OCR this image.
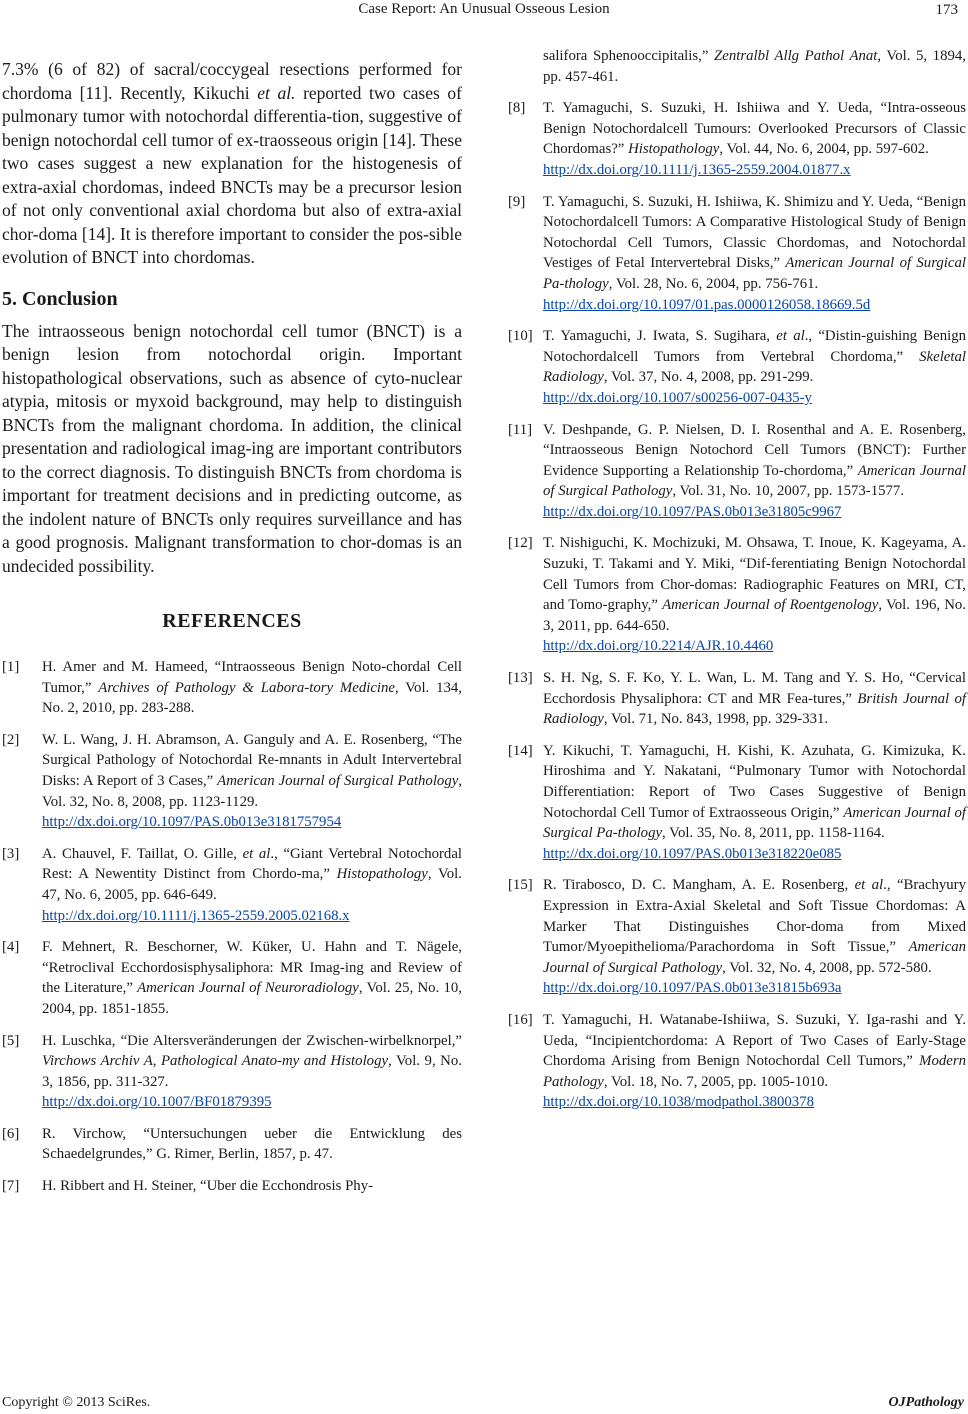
Case Report: An Unusual Osseous Lesion	173

7.3% (6 of 82) of sacral/coccygeal resections performed for chordoma [11]. Recently, Kikuchi et al. reported two cases of pulmonary tumor with notochordal differentia-tion, suggestive of benign notochordal cell tumor of ex-traosseous origin [14]. These two cases suggest a new explanation for the histogenesis of extra-axial chordomas, indeed BNCTs may be a precursor lesion of not only conventional axial chordoma but also of extra-axial chor-doma [14]. It is therefore important to consider the pos-sible evolution of BNCT into chordomas.

5. Conclusion

The intraosseous benign notochordal cell tumor (BNCT) is a benign lesion from notochordal origin. Important histopathological observations, such as absence of cyto-nuclear atypia, mitosis or myxoid background, may help to distinguish BNCTs from the malignant chordoma. In addition, the clinical presentation and radiological imag-ing are important contributors to the correct diagnosis. To distinguish BNCTs from chordoma is important for treatment decisions and in predicting outcome, as the indolent nature of BNCTs only requires surveillance and has a good prognosis. Malignant transformation to chor-domas is an undecided possibility.

REFERENCES
[1] H. Amer and M. Hameed, “Intraosseous Benign Noto-chordal Cell Tumor,” Archives of Pathology & Labora-tory Medicine, Vol. 134, No. 2, 2010, pp. 283-288.
[2] W. L. Wang, J. H. Abramson, A. Ganguly and A. E. Rosenberg, “The Surgical Pathology of Notochordal Re-mnants in Adult Intervertebral Disks: A Report of 3 Cases,” American Journal of Surgical Pathology, Vol. 32, No. 8, 2008, pp. 1123-1129.
http://dx.doi.org/10.1097/PAS.0b013e3181757954
[3] A. Chauvel, F. Taillat, O. Gille, et al., “Giant Vertebral Notochordal Rest: A Newentity Distinct from Chordo-ma,” Histopathology, Vol. 47, No. 6, 2005, pp. 646-649.
http://dx.doi.org/10.1111/j.1365-2559.2005.02168.x
[4] F. Mehnert, R. Beschorner, W. Küker, U. Hahn and T. Nägele, “Retroclival Ecchordosisphysaliphora: MR Imag-ing and Review of the Literature,” American Journal of Neuroradiology, Vol. 25, No. 10, 2004, pp. 1851-1855.
[5] H. Luschka, “Die Altersveränderungen der Zwischen-wirbelknorpel,” Virchows Archiv A, Pathological Anato-my and Histology, Vol. 9, No. 3, 1856, pp. 311-327.
http://dx.doi.org/10.1007/BF01879395
[6] R. Virchow, “Untersuchungen ueber die Entwicklung des Schaedelgrundes,” G. Rimer, Berlin, 1857, p. 47.
[7] H. Ribbert and H. Steiner, “Uber die Ecchondrosis Phy-
salifora Sphenooccipitalis,” Zentralbl Allg Pathol Anat, Vol. 5, 1894, pp. 457-461.
[8] T. Yamaguchi, S. Suzuki, H. Ishiiwa and Y. Ueda, “Intra-osseous Benign Notochordalcell Tumours: Overlooked Precursors of Classic Chordomas?” Histopathology, Vol. 44, No. 6, 2004, pp. 597-602.
http://dx.doi.org/10.1111/j.1365-2559.2004.01877.x
[9] T. Yamaguchi, S. Suzuki, H. Ishiiwa, K. Shimizu and Y. Ueda, “Benign Notochordalcell Tumors: A Comparative Histological Study of Benign Notochordal Cell Tumors, Classic Chordomas, and Notochordal Vestiges of Fetal Intervertebral Disks,” American Journal of Surgical Pa-thology, Vol. 28, No. 6, 2004, pp. 756-761.
http://dx.doi.org/10.1097/01.pas.0000126058.18669.5d
[10] T. Yamaguchi, J. Iwata, S. Sugihara, et al., “Distin-guishing Benign Notochordalcell Tumors from Vertebral Chordoma,” Skeletal Radiology, Vol. 37, No. 4, 2008, pp. 291-299.
http://dx.doi.org/10.1007/s00256-007-0435-y
[11] V. Deshpande, G. P. Nielsen, D. I. Rosenthal and A. E. Rosenberg, “Intraosseous Benign Notochord Cell Tumors (BNCT): Further Evidence Supporting a Relationship To-chordoma,” American Journal of Surgical Pathology, Vol. 31, No. 10, 2007, pp. 1573-1577.
http://dx.doi.org/10.1097/PAS.0b013e31805c9967
[12] T. Nishiguchi, K. Mochizuki, M. Ohsawa, T. Inoue, K. Kageyama, A. Suzuki, T. Takami and Y. Miki, “Dif-ferentiating Benign Notochordal Cell Tumors from Chor-domas: Radiographic Features on MRI, CT, and Tomo-graphy,” American Journal of Roentgenology, Vol. 196, No. 3, 2011, pp. 644-650.
http://dx.doi.org/10.2214/AJR.10.4460
[13] S. H. Ng, S. F. Ko, Y. L. Wan, L. M. Tang and Y. S. Ho, “Cervical Ecchordosis Physaliphora: CT and MR Fea-tures,” British Journal of Radiology, Vol. 71, No. 843, 1998, pp. 329-331.
[14] Y. Kikuchi, T. Yamaguchi, H. Kishi, K. Azuhata, G. Kimizuka, K. Hiroshima and Y. Nakatani, “Pulmonary Tumor with Notochordal Differentiation: Report of Two Cases Suggestive of Benign Notochordal Cell Tumor of Extraosseous Origin,” American Journal of Surgical Pa-thology, Vol. 35, No. 8, 2011, pp. 1158-1164.
http://dx.doi.org/10.1097/PAS.0b013e318220e085
[15] R. Tirabosco, D. C. Mangham, A. E. Rosenberg, et al., “Brachyury Expression in Extra-Axial Skeletal and Soft Tissue Chordomas: A Marker That Distinguishes Chor-doma from Mixed Tumor/Myoepithelioma/Parachordoma in Soft Tissue,” American Journal of Surgical Pathology, Vol. 32, No. 4, 2008, pp. 572-580.
http://dx.doi.org/10.1097/PAS.0b013e31815b693a
[16] T. Yamaguchi, H. Watanabe-Ishiiwa, S. Suzuki, Y. Iga-rashi and Y. Ueda, “Incipientchordoma: A Report of Two Cases of Early-Stage Chordoma Arising from Benign Notochordal Cell Tumors,” Modern Pathology, Vol. 18, No. 7, 2005, pp. 1005-1010.
http://dx.doi.org/10.1038/modpathol.3800378
Copyright © 2013 SciRes.	OJPathology
